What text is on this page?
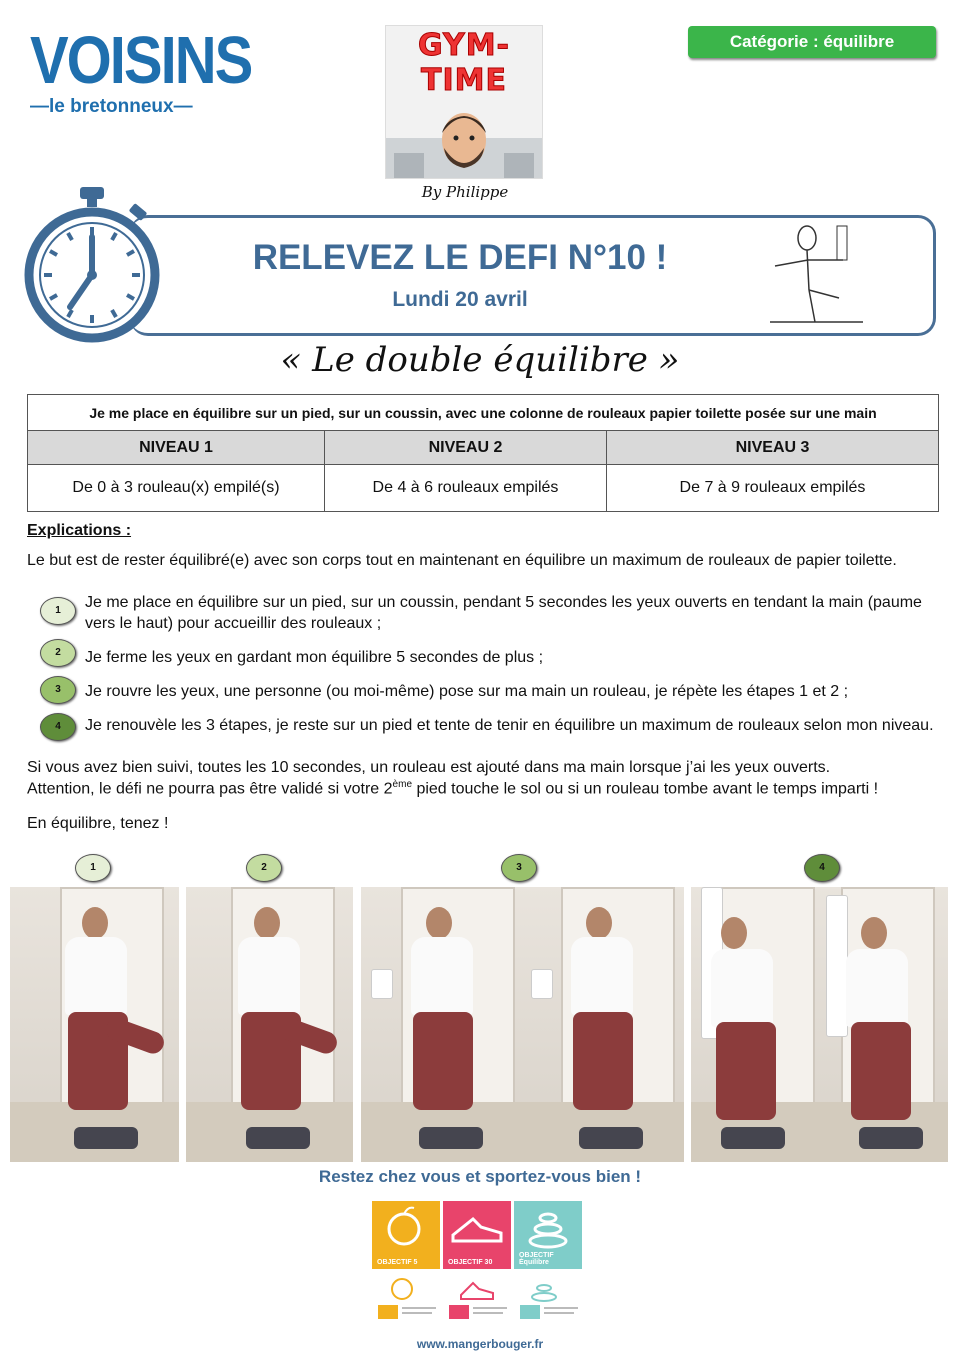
VOISINS
—le bretonneux—
GYM-TIME
By Philippe
Catégorie : équilibre
RELEVEZ LE DEFI N°10 !
Lundi 20 avril
« Le double équilibre »
Je me place en équilibre sur un pied, sur un coussin, avec une colonne de rouleaux papier toilette posée sur une main		
NIVEAU 1	NIVEAU 2	NIVEAU 3
De 0 à 3 rouleau(x) empilé(s)	De 4 à 6 rouleaux empilés	De 7 à 9 rouleaux empilés
Explications :
Le but est de rester équilibré(e) avec son corps tout en maintenant en équilibre un maximum de rouleaux de papier toilette.
1	Je me place en équilibre sur un pied, sur un coussin, pendant 5 secondes les yeux ouverts en tendant la main (paume vers le haut) pour accueillir des rouleaux ;
2	Je ferme les yeux en gardant mon équilibre 5 secondes de plus ;
3	Je rouvre les yeux, une personne (ou moi-même) pose sur ma main un rouleau, je répète les étapes 1 et 2 ;
4	Je renouvèle les 3 étapes, je reste sur un pied et tente de tenir en équilibre un maximum de rouleaux selon mon niveau.
Si vous avez bien suivi, toutes les 10 secondes, un rouleau est ajouté dans ma main lorsque j’ai les yeux ouverts.
Attention, le défi ne pourra pas être validé si votre 2ème pied touche le sol ou si un rouleau tombe avant le temps imparti !
En équilibre, tenez !
1	2	3	4
Restez chez vous et sportez-vous bien !
OBJECTIF 5	OBJECTIF 30
OBJECTIF Équilibre
www.mangerbouger.fr
